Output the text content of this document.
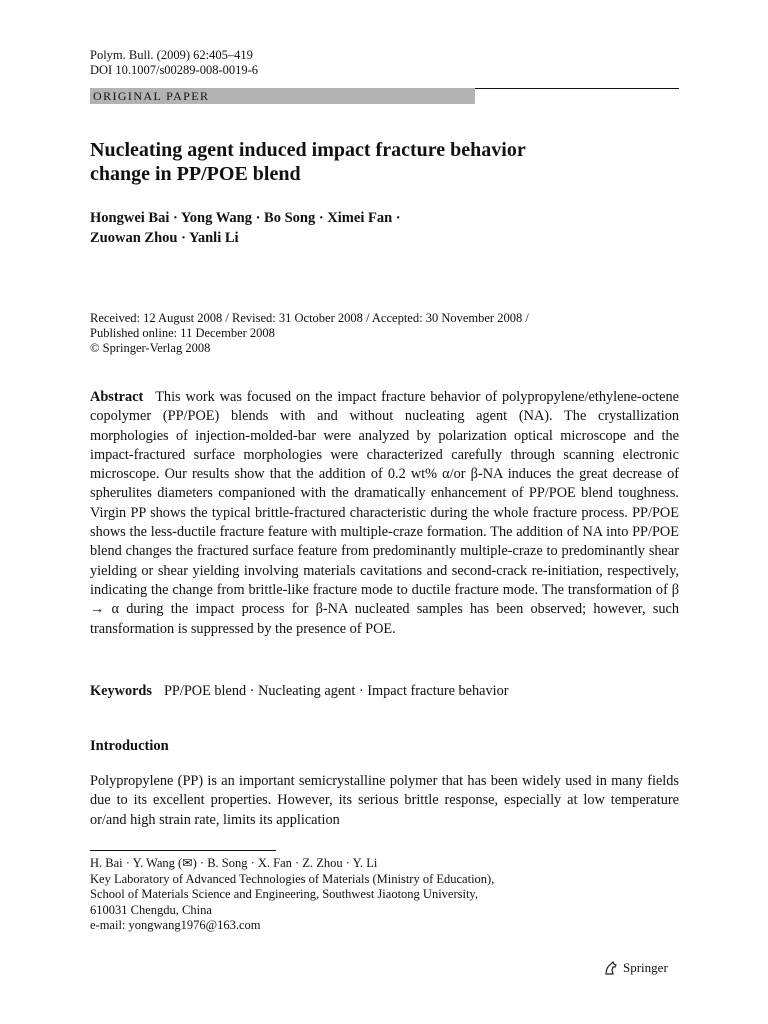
Polym. Bull. (2009) 62:405–419
DOI 10.1007/s00289-008-0019-6
ORIGINAL PAPER
Nucleating agent induced impact fracture behavior
change in PP/POE blend
Hongwei Bai · Yong Wang · Bo Song · Ximei Fan ·
Zuowan Zhou · Yanli Li
Received: 12 August 2008 / Revised: 31 October 2008 / Accepted: 30 November 2008 /
Published online: 11 December 2008
© Springer-Verlag 2008
Abstract This work was focused on the impact fracture behavior of polypropylene/ethylene-octene copolymer (PP/POE) blends with and without nucleating agent (NA). The crystallization morphologies of injection-molded-bar were analyzed by polarization optical microscope and the impact-fractured surface morphologies were characterized carefully through scanning electronic microscope. Our results show that the addition of 0.2 wt% α/or β-NA induces the great decrease of spherulites diameters companioned with the dramatically enhancement of PP/POE blend toughness. Virgin PP shows the typical brittle-fractured characteristic during the whole fracture process. PP/POE shows the less-ductile fracture feature with multiple-craze formation. The addition of NA into PP/POE blend changes the fractured surface feature from predominantly multiple-craze to predominantly shear yielding or shear yielding involving materials cavitations and second-crack re-initiation, respectively, indicating the change from brittle-like fracture mode to ductile fracture mode. The transformation of β → α during the impact process for β-NA nucleated samples has been observed; however, such transformation is suppressed by the presence of POE.
Keywords PP/POE blend · Nucleating agent · Impact fracture behavior
Introduction
Polypropylene (PP) is an important semicrystalline polymer that has been widely used in many fields due to its excellent properties. However, its serious brittle response, especially at low temperature or/and high strain rate, limits its application
H. Bai · Y. Wang (✉) · B. Song · X. Fan · Z. Zhou · Y. Li
Key Laboratory of Advanced Technologies of Materials (Ministry of Education),
School of Materials Science and Engineering, Southwest Jiaotong University,
610031 Chengdu, China
e-mail: yongwang1976@163.com
Springer
